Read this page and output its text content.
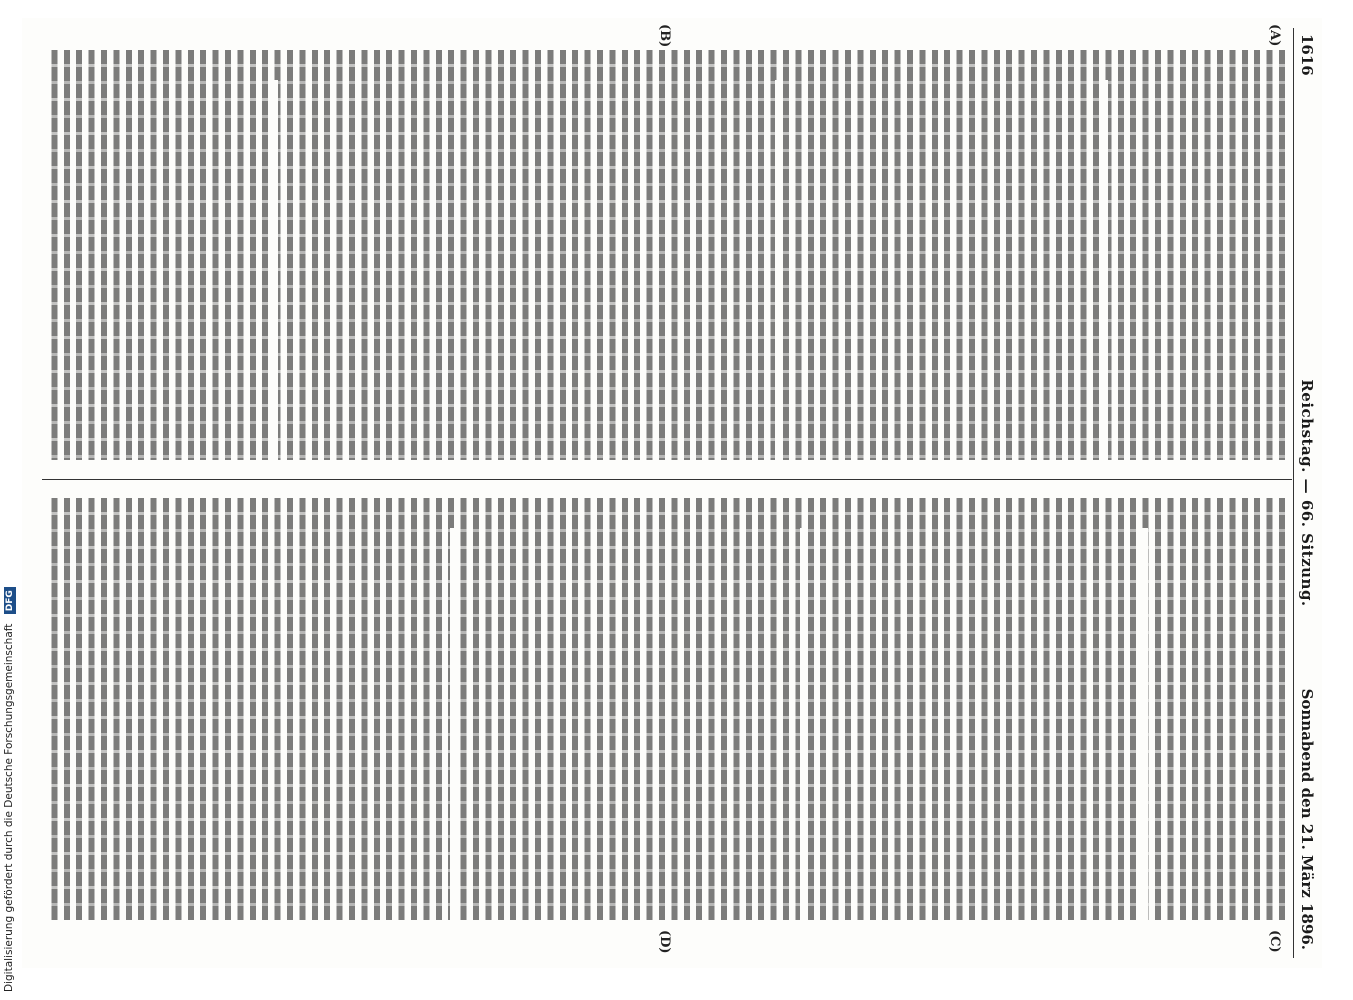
1616
Reichstag. — 66. Sitzung.
Sonnabend den 21. März 1896.
(A)
(B)
(C)
(D)
Digitalisierung gefördert durch die Deutsche Forschungsgemeinschaft DFG
